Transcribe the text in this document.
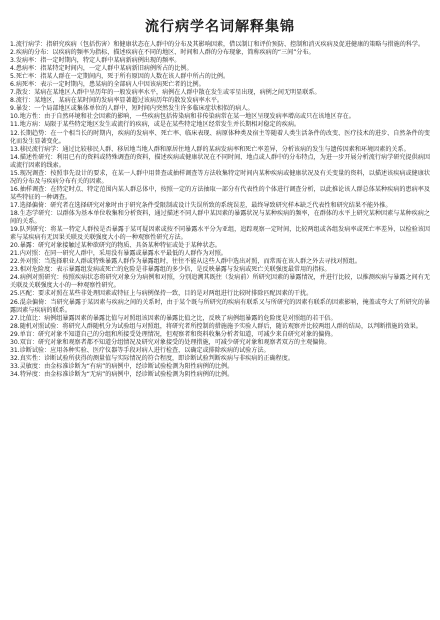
流行病学名词解释集锦

1.流行病学：指研究疾病（包括伤害）和健康状态在人群中的分布及其影响因素，借以制订和评价预防、控制和消灭疾病及促进健康的策略与措施的科学。

2.疾病的分布：以疾病的频率为指标，描述疾病在不同的地区、时间和人群的分布现象，简称疾病的“三间”分布。

3.发病率：指一定时期内，特定人群中某病新病例出现的频率。

4.患病率：指某特定时间内，一定人群中某病新旧病例所占的比例。

5.死亡率：指某人群在一定期间内，死于所有原因的人数在该人群中所占的比例。

6.病死率：表示一定时期内，患某病的全部病人中因该病死亡者的比例。

7.散发：某病在某地区人群中呈历年的一般发病率水平，病例在人群中散在发生或零星出现，病例之间无明显联系。

8.流行：某地区，某病在某时间的发病率显著超过该病历年的散发发病率水平。

9.暴发：一个局部地区或集体单位的人群中，短时间内突然发生许多临床症状相似的病人。

10.地方性：由于自然环境和社会因素的影响，一些疾病包括传染病和非传染病常在某一地区呈现发病率增高或只在该地区存在。

11.地方病：局限于某些特定地区发生或流行的疾病，或是在某些特定地区经常发生并长期相对稳定的疾病。

12.长期趋势：在一个相当长的时期内，疾病的发病率、死亡率、临床表现、病原体种类及宿主等随着人类生活条件的改变、医疗技术的进步、自然条件的变化而发生显著变化。

13.移民流行病学：通过比较移民人群、移居地当地人群和原居住地人群的某病发病率和死亡率差异，分析该病的发生与遗传因素和环境因素的关系。

14.描述性研究：利用已有的资料或特殊调查的资料，描述疾病或健康状况在不同时间、地点或人群中的分布特点，为进一步开展分析流行病学研究提供病因或流行因素的线索。

15.现况调查：按照事先设计的要求，在某一人群中用普查或抽样调查等方法收集特定时间内某种疾病或健康状况及有关变量的资料，以描述该疾病或健康状况的分布及与疾病分布有关的因素。

16.抽样调查：在特定时点、特定范围内某人群总体中，按照一定的方法抽取一部分有代表性的个体进行调查分析，以此推论该人群总体某种疾病的患病率及某些特征的一种调查。

17.选择偏倚：研究者在选择研究对象时由于研究条件受限制或设计失误所致的系统误差，最终导致研究样本缺乏代表性和研究结果不能外推。

18.生态学研究：以群体为基本单位收集和分析资料，通过描述不同人群中某因素的暴露状况与某种疾病的频率，在群体的水平上研究某种因素与某种疾病之间的关系。

19.队列研究：将某一特定人群按是否暴露于某可疑因素或按不同暴露水平分为亚组，追踪观察一定时间，比较两组或各组发病率或死亡率差异，以检验该因素与某疾病有无因果关联及关联强度大小的一种观察性研究方法。

20.暴露：研究对象接触过某种欲研究的物质、具备某种特征或处于某种状态。

21.内对照：在同一研究人群中，采用没有暴露或暴露水平最低的人群作为对照。

22.外对照：当选择职业人群或特殊暴露人群作为暴露组时，往往不能从这些人群中选出对照，而常需在该人群之外去寻找对照组。

23.相对危险度：表示暴露组发病或死亡的危险是非暴露组的多少倍，是反映暴露与发病或死亡关联强度最常用的指标。

24.病例对照研究：按照疾病状态将研究对象分为病例和对照，分别追溯其既往（发病前）所研究因素的暴露情况，并进行比较，以推测疾病与暴露之间有无关联及关联强度大小的一种观察性研究。

25.匹配：要求对照在某些非处理因素或特征上与病例保持一致，目的是对两组进行比较时排除匹配因素的干扰。

26.混杂偏倚：当研究暴露于某因素与疾病之间的关系时，由于某个既与所研究的疾病有联系又与所研究的因素有联系的因素影响，掩盖或夸大了所研究的暴露因素与疾病的联系。

27.比值比：病例组暴露因素的暴露比值与对照组该因素的暴露比值之比，反映了病例组暴露的危险度是对照组的若干倍。

28.随机对照试验：将研究人群随机分为试验组与对照组，将研究者所控制的措施施予实验人群后，随访观察并比较两组人群的结局，以判断措施的效果。

29.单盲：研究对象不知道自己的分组和所接受处理情况，但观察者和资料收集分析者知道，可减少来自研究对象的偏倚。

30.双盲：研究对象和观察者都不知道分组情况及研究对象接受的处理措施，可减少研究对象和观察者双方的主观偏倚。

31.诊断试验：应用各种实验、医疗仪器等手段对病人进行检查，以确定或排除疾病的试验方法。

32.真实性：诊断试验所获得的测量值与实际情况的符合程度，即诊断试验判断疾病与非疾病的正确程度。

33.灵敏度：由金标准诊断为“有病”的病例中，经诊断试验检测为阳性病例的比例。

34.特异度：由金标准诊断为“无病”的病例中，经诊断试验检测为阴性病例的比例。
